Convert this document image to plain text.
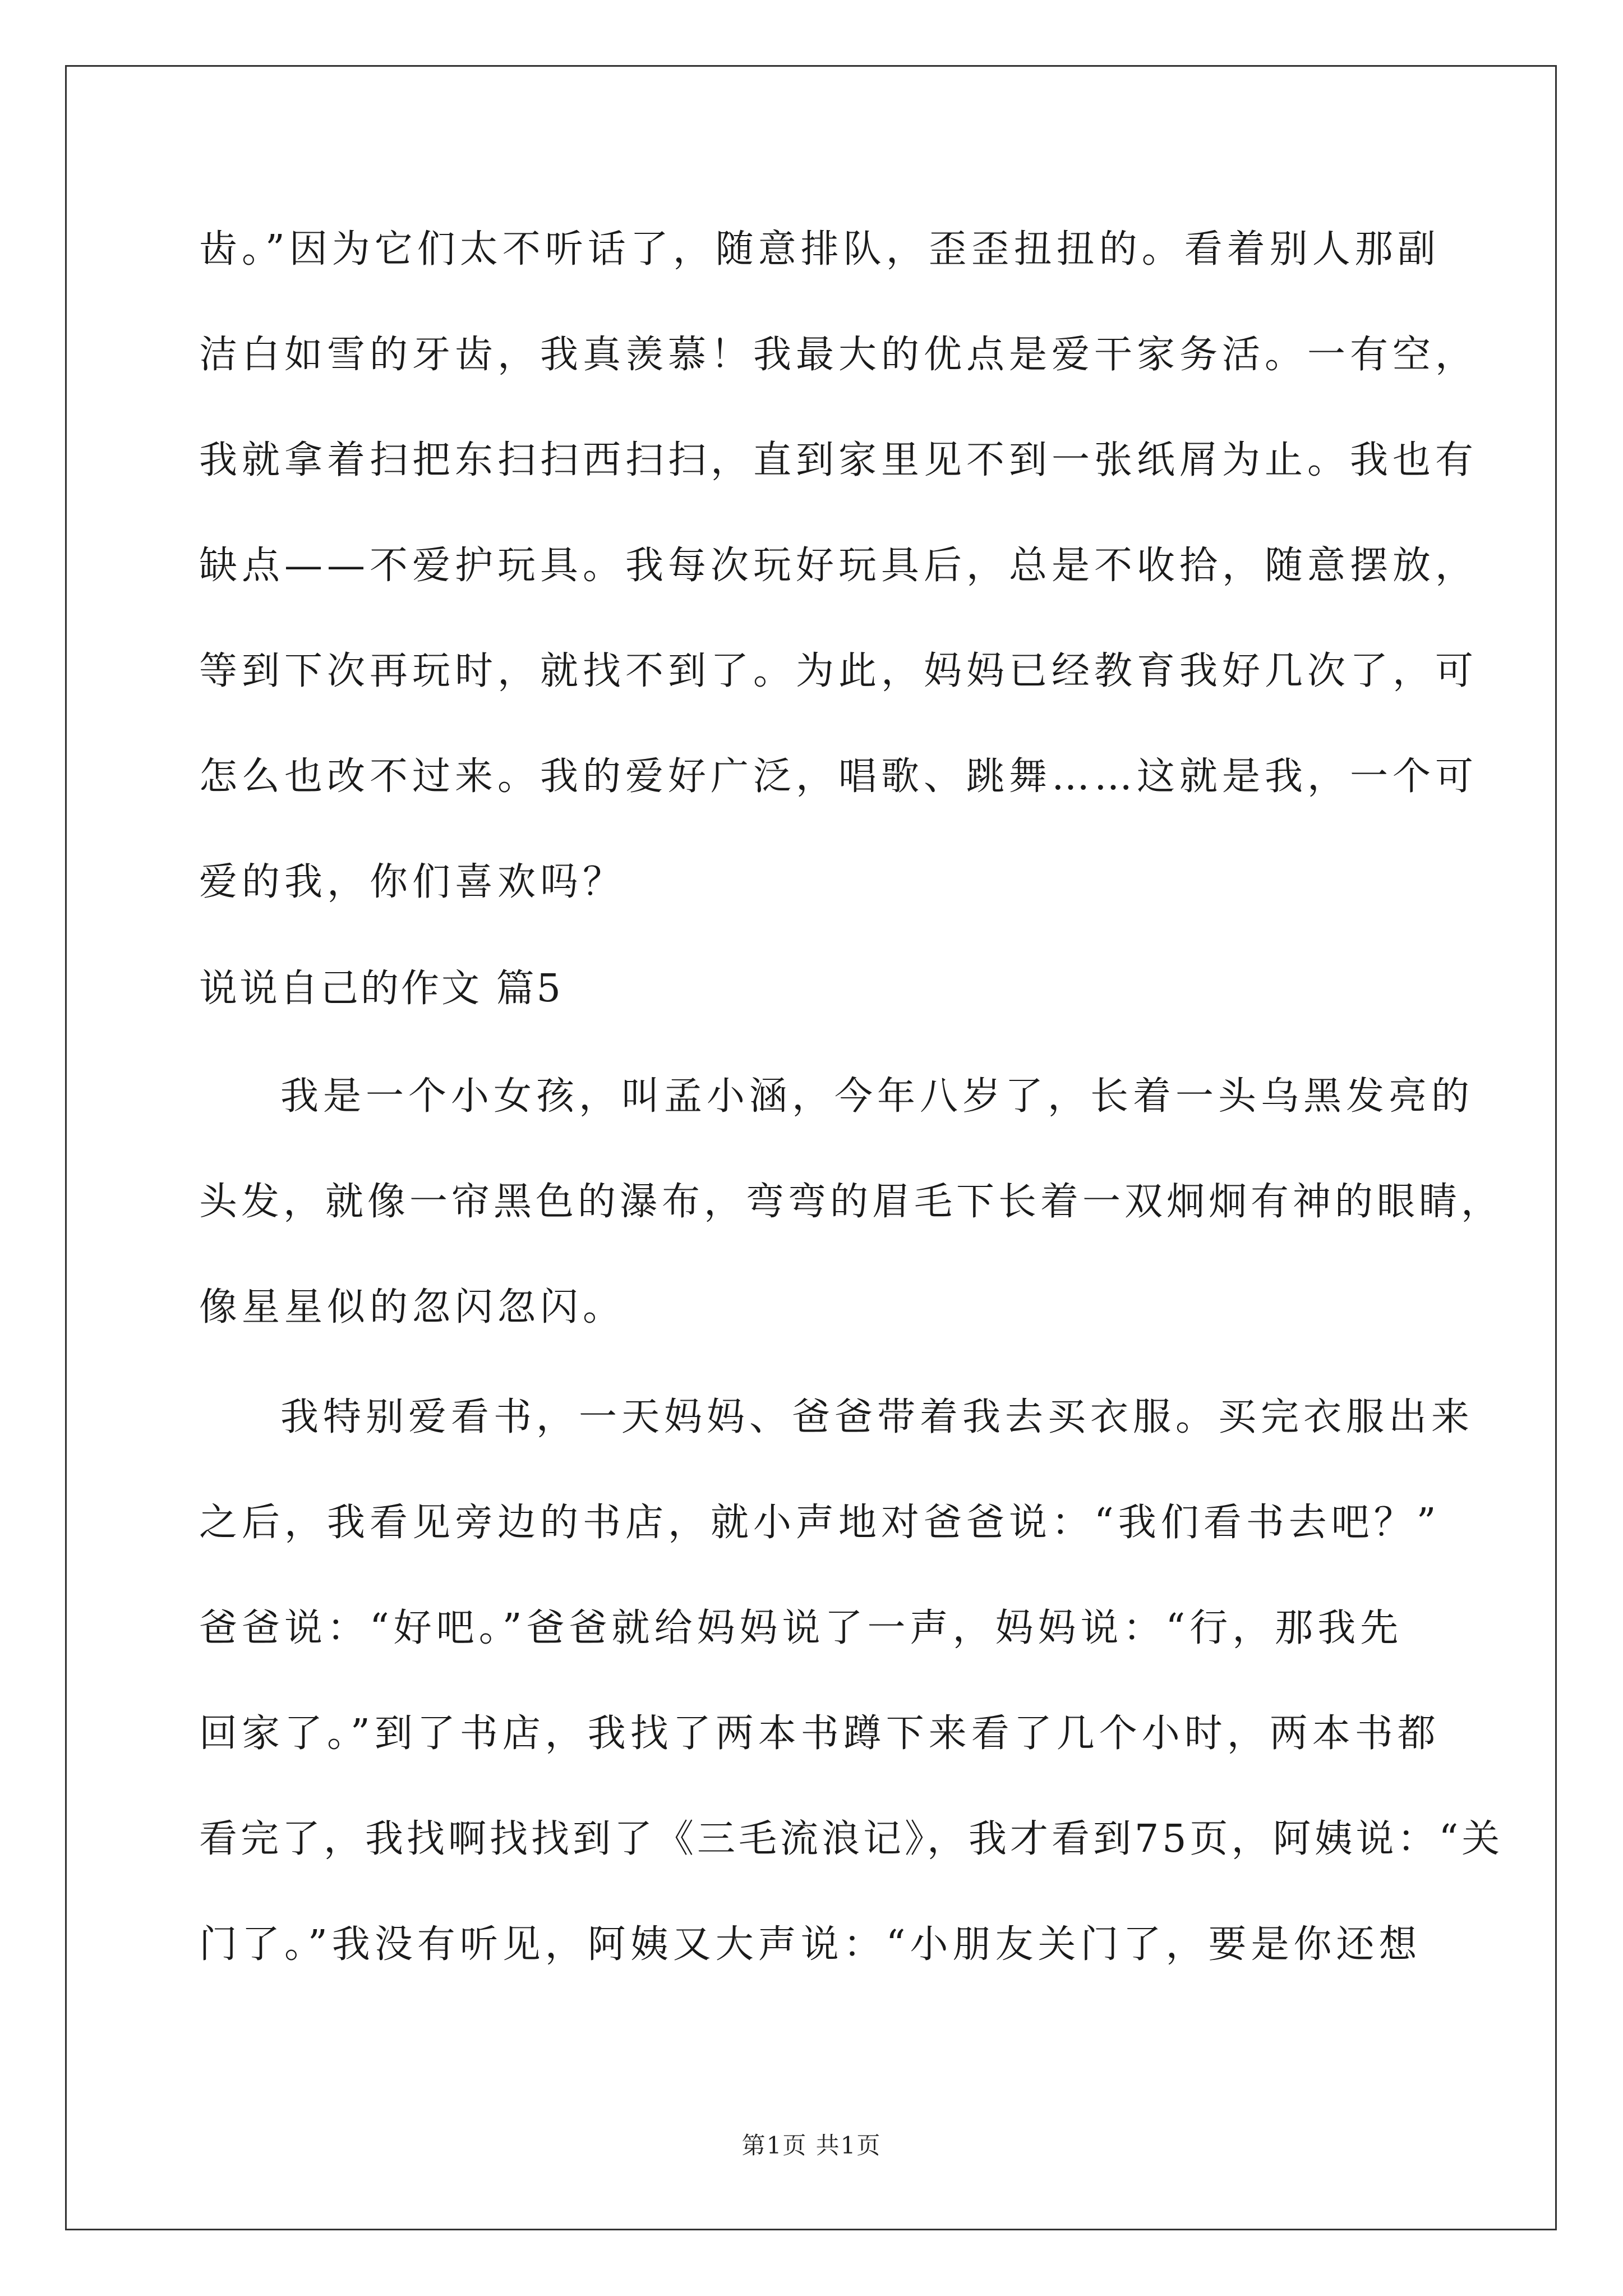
齿。”因为它们太不听话了，随意排队，歪歪扭扭的。看着别人那副
洁白如雪的牙齿，我真羡慕！我最大的优点是爱干家务活。一有空，
我就拿着扫把东扫扫西扫扫，直到家里见不到一张纸屑为止。我也有
缺点——不爱护玩具。我每次玩好玩具后，总是不收拾，随意摆放，
等到下次再玩时，就找不到了。为此，妈妈已经教育我好几次了，可
怎么也改不过来。我的爱好广泛，唱歌、跳舞……这就是我，一个可
爱的我，你们喜欢吗？
说说自己的作文 篇5
我是一个小女孩，叫孟小涵，今年八岁了，长着一头乌黑发亮的
头发，就像一帘黑色的瀑布，弯弯的眉毛下长着一双炯炯有神的眼睛，
像星星似的忽闪忽闪。
我特别爱看书，一天妈妈、爸爸带着我去买衣服。买完衣服出来
之后，我看见旁边的书店，就小声地对爸爸说：“我们看书去吧？”
爸爸说：“好吧。”爸爸就给妈妈说了一声，妈妈说：“行，那我先
回家了。”到了书店，我找了两本书蹲下来看了几个小时，两本书都
看完了，我找啊找找到了《三毛流浪记》，我才看到75页，阿姨说：“关
门了。”我没有听见，阿姨又大声说：“小朋友关门了，要是你还想
第1页 共1页
